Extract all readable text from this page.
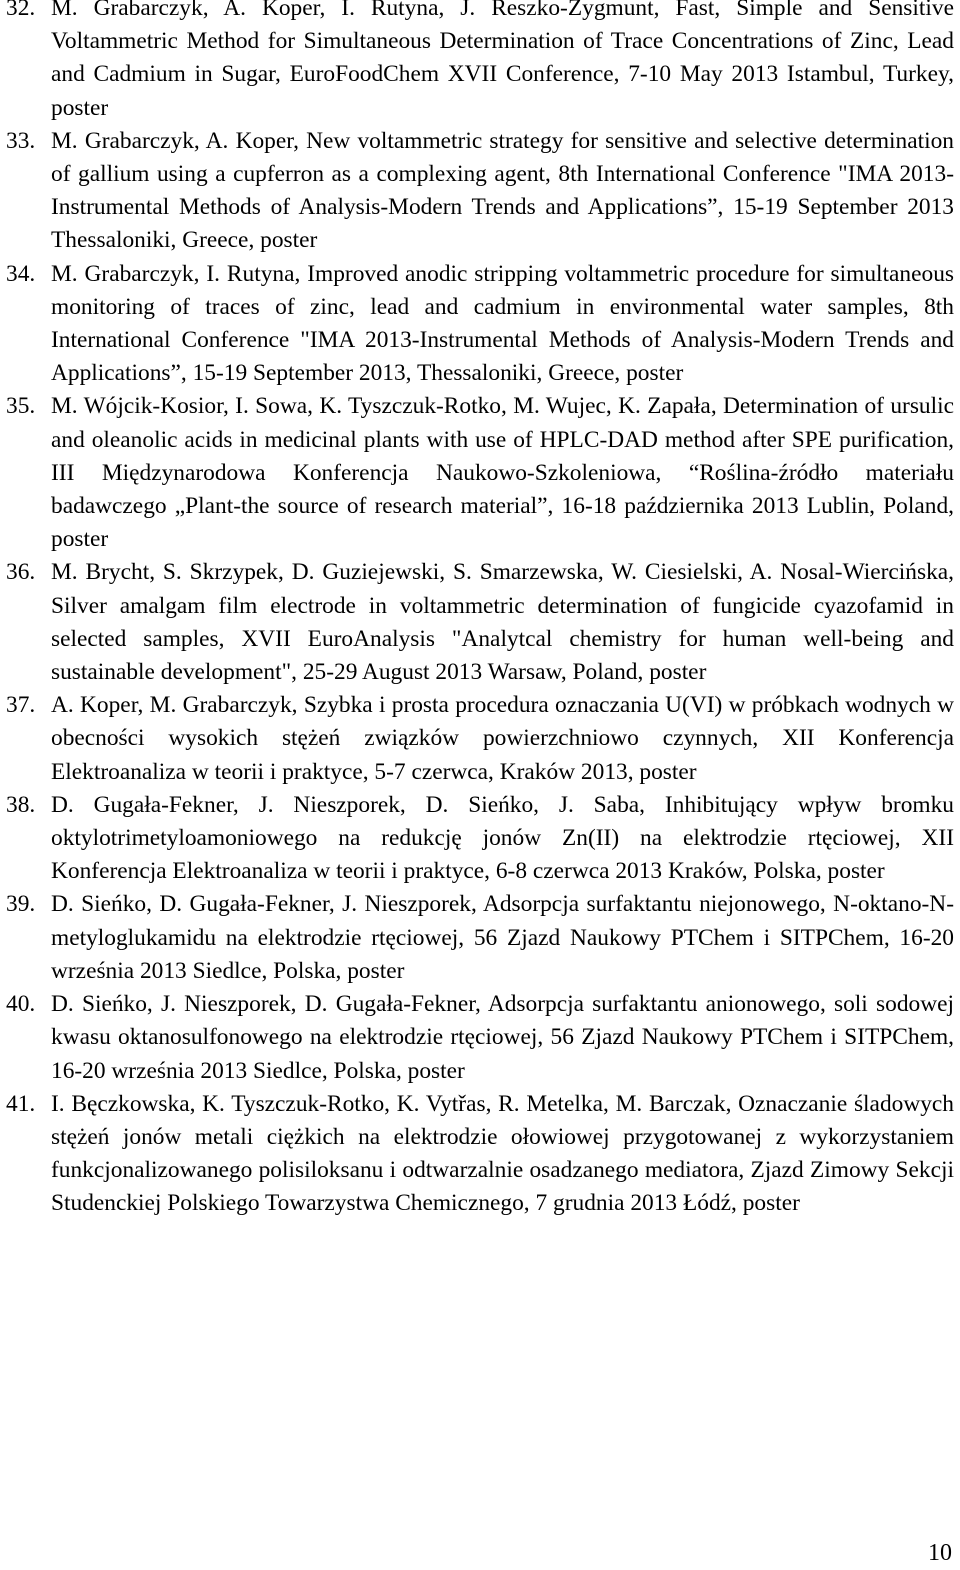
32. M. Grabarczyk, A. Koper, I. Rutyna, J. Reszko-Zygmunt, Fast, Simple and Sensitive Voltammetric Method for Simultaneous Determination of Trace Concentrations of Zinc, Lead and Cadmium in Sugar, EuroFoodChem XVII Conference, 7-10 May 2013 Istambul, Turkey, poster
33. M. Grabarczyk, A. Koper, New voltammetric strategy for sensitive and selective determination of gallium using a cupferron as a complexing agent, 8th International Conference "IMA 2013-Instrumental Methods of Analysis-Modern Trends and Applications”, 15-19 September 2013 Thessaloniki, Greece, poster
34. M. Grabarczyk, I. Rutyna, Improved anodic stripping voltammetric procedure for simultaneous monitoring of traces of zinc, lead and cadmium in environmental water samples, 8th International Conference "IMA 2013-Instrumental Methods of Analysis-Modern Trends and Applications”, 15-19 September 2013, Thessaloniki, Greece, poster
35. M. Wójcik-Kosior, I. Sowa, K. Tyszczuk-Rotko, M. Wujec, K. Zapała, Determination of ursulic and oleanolic acids in medicinal plants with use of HPLC-DAD method after SPE purification, III Międzynarodowa Konferencja Naukowo-Szkoleniowa, “Roślina-źródło materiału badawczego „Plant-the source of research material”, 16-18 października 2013 Lublin, Poland, poster
36. M. Brycht, S. Skrzypek, D. Guziejewski, S. Smarzewska, W. Ciesielski, A. Nosal-Wiercińska, Silver amalgam film electrode in voltammetric determination of fungicide cyazofamid in selected samples, XVII EuroAnalysis "Analytcal chemistry for human well-being and sustainable development", 25-29 August 2013 Warsaw, Poland, poster
37. A. Koper, M. Grabarczyk, Szybka i prosta procedura oznaczania U(VI) w próbkach wodnych w obecności wysokich stężeń związków powierzchniowo czynnych, XII Konferencja Elektroanaliza w teorii i praktyce, 5-7 czerwca, Kraków 2013, poster
38. D. Gugała-Fekner, J. Nieszporek, D. Sieńko, J. Saba, Inhibitujący wpływ bromku oktylotrimetyloamoniowego na redukcję jonów Zn(II) na elektrodzie rtęciowej, XII Konferencja Elektroanaliza w teorii i praktyce, 6-8 czerwca 2013 Kraków, Polska, poster
39. D. Sieńko, D. Gugała-Fekner, J. Nieszporek, Adsorpcja surfaktantu niejonowego, N-oktano-N-metyloglukamidu na elektrodzie rtęciowej, 56 Zjazd Naukowy PTChem i SITPChem, 16-20 września 2013 Siedlce, Polska, poster
40. D. Sieńko, J. Nieszporek, D. Gugała-Fekner, Adsorpcja surfaktantu anionowego, soli sodowej kwasu oktanosulfonowego na elektrodzie rtęciowej, 56 Zjazd Naukowy PTChem i SITPChem, 16-20 września 2013 Siedlce, Polska, poster
41. I. Bęczkowska, K. Tyszczuk-Rotko, K. Vytřas, R. Metelka, M. Barczak, Oznaczanie śladowych stężeń jonów metali ciężkich na elektrodzie ołowiowej przygotowanej z wykorzystaniem funkcjonalizowanego polisiloksanu i odtwarzalnie osadzanego mediatora, Zjazd Zimowy Sekcji Studenckiej Polskiego Towarzystwa Chemicznego, 7 grudnia 2013 Łódź, poster
10
